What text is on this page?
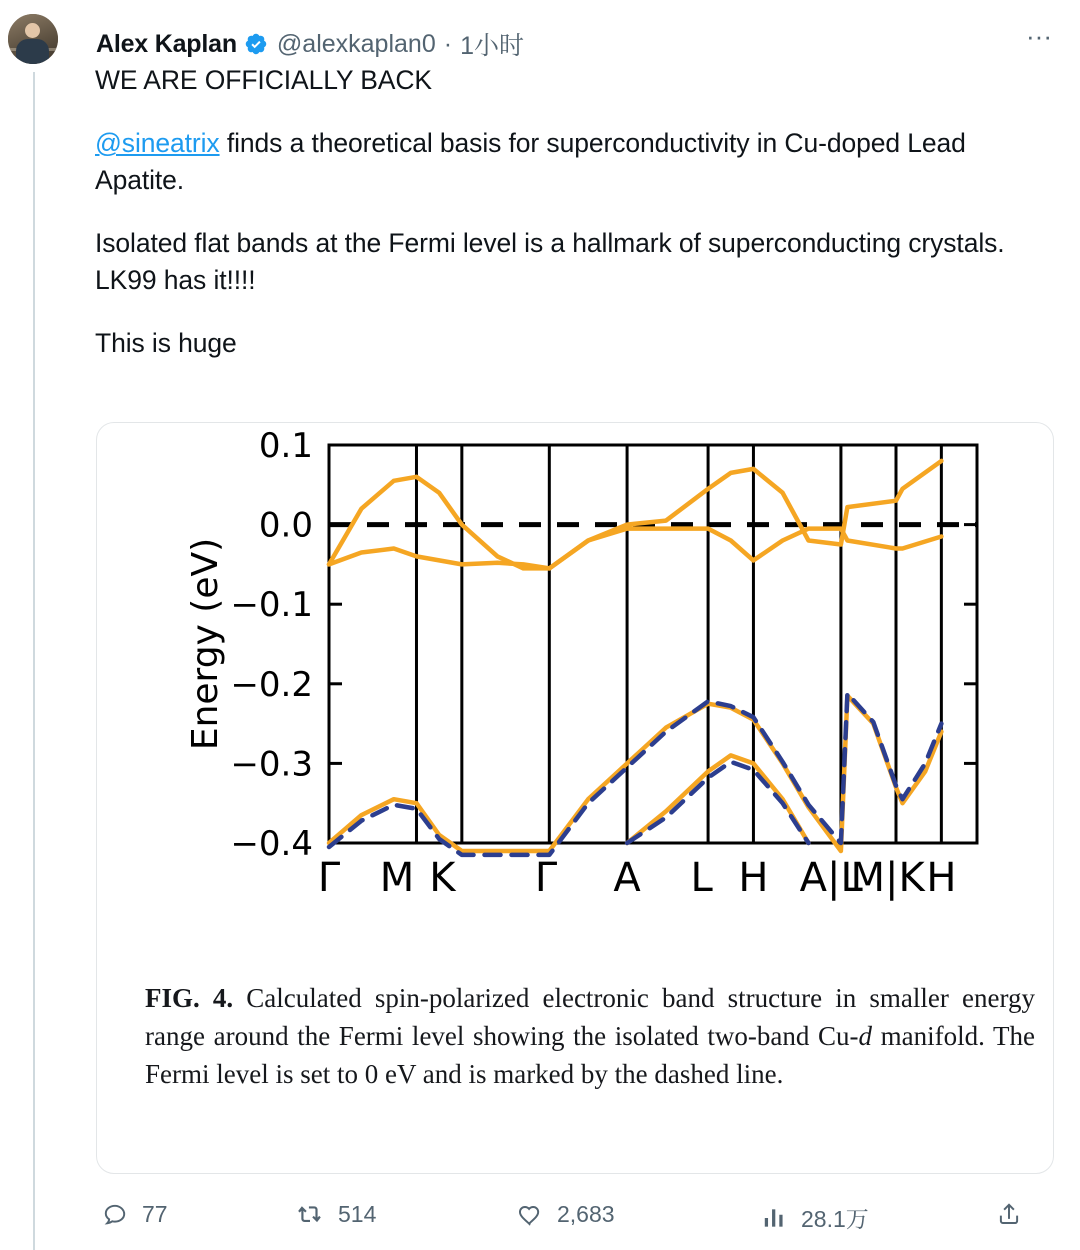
Alex Kaplan @alexkaplan0 · 1小时	···

WE ARE OFFICIALLY BACK

@sineatrix finds a theoretical basis for superconductivity in Cu-doped Lead Apatite.

Isolated flat bands at the Fermi level is a hallmark of superconducting crystals. LK99 has it!!!!

This is huge

0.1
0.0
−0.1
−0.2
−0.3
−0.4
Energy (eV)
Γ M K Γ A L H A|L
M|K H
FIG. 4. Calculated spin-polarized electronic band structure in smaller energy range around the Fermi level showing the isolated two-band Cu-d manifold. The Fermi level is set to 0 eV and is marked by the dashed line.
77	514	2,683	28.1万
